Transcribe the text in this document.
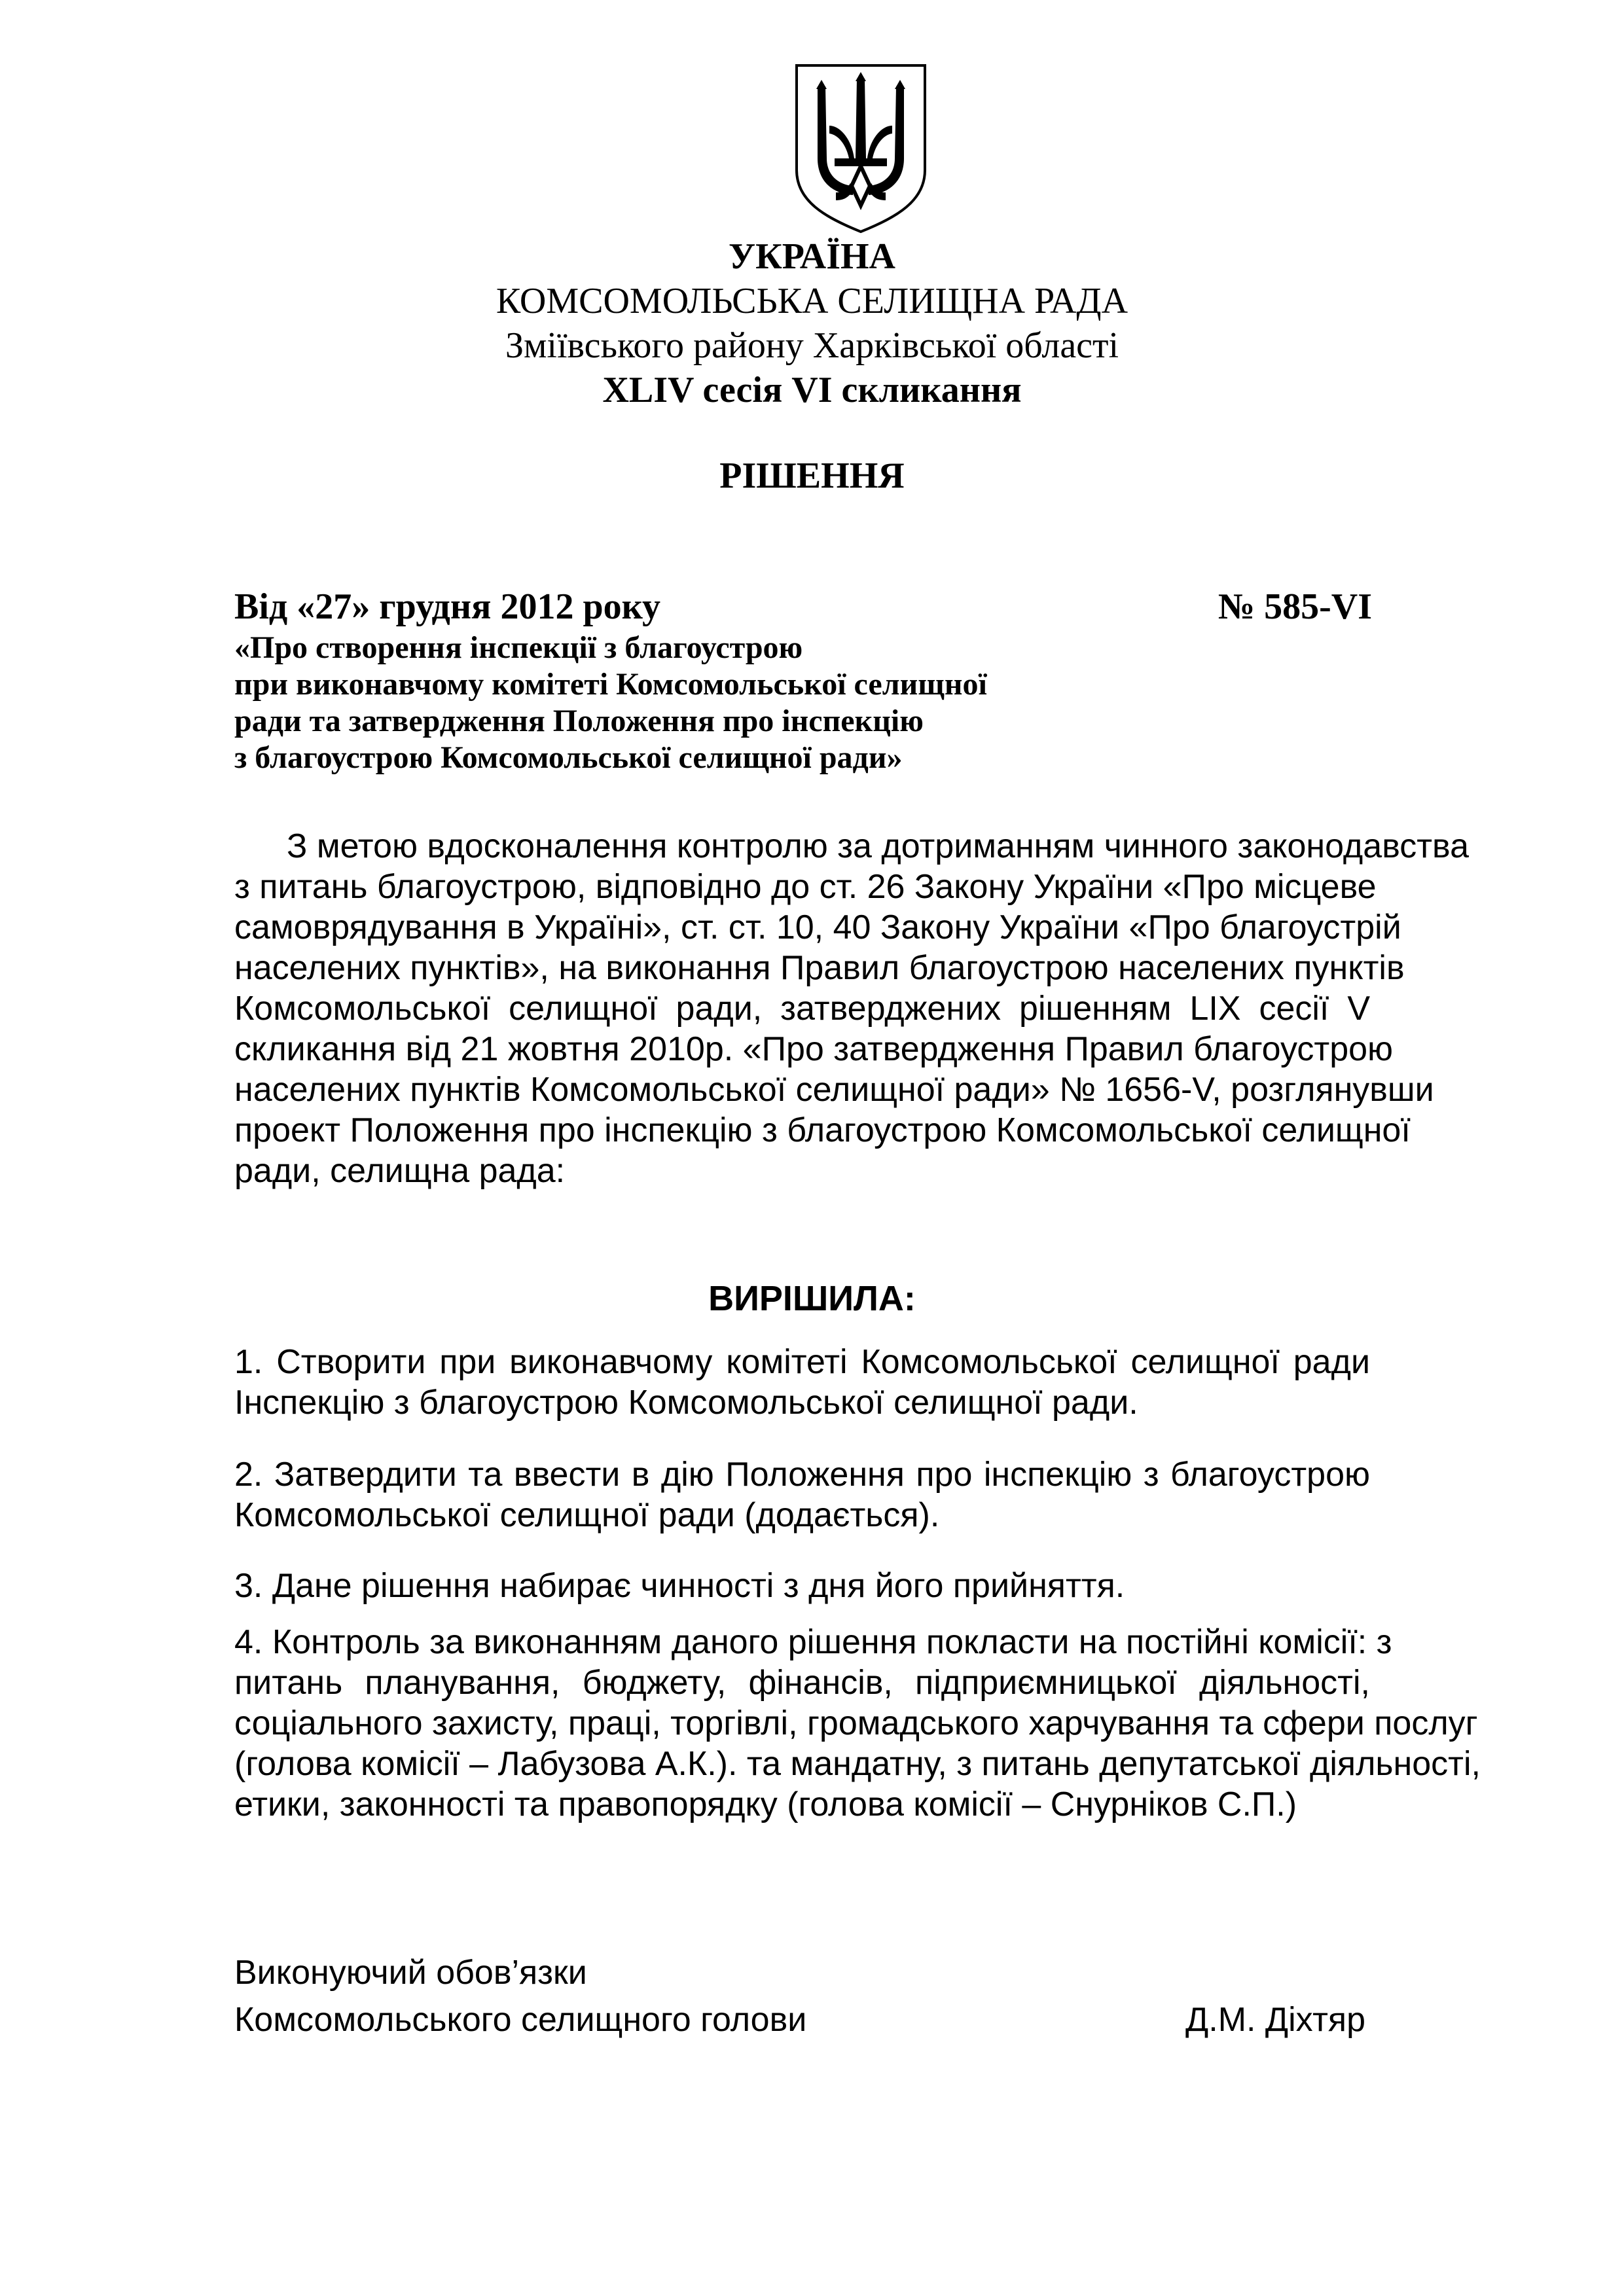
УКРАЇНА
КОМСОМОЛЬСЬКА СЕЛИЩНА РАДА
Зміївського району Харківської області
XLIV сесія VI скликання
РІШЕННЯ
Від «27» грудня 2012 року	№ 585-VI
«Про створення інспекції з благоустрою
при виконавчому комітеті Комсомольської селищної
ради та затвердження Положення про інспекцію
з благоустрою Комсомольської селищної ради»
З метою вдосконалення контролю за дотриманням чинного законодавства
з питань благоустрою, відповідно до ст. 26 Закону України «Про місцеве
самоврядування в Україні», ст. ст. 10, 40 Закону України «Про благоустрій
населених пунктів», на виконання Правил благоустрою населених пунктів
Комсомольської селищної ради, затверджених рішенням LIX сесії V
скликання від 21 жовтня 2010р. «Про затвердження Правил благоустрою
населених пунктів Комсомольської селищної ради» № 1656-V, розглянувши
проект Положення про інспекцію з благоустрою Комсомольської селищної
ради, селищна рада:
ВИРІШИЛА:
1. Створити при виконавчому комітеті Комсомольської селищної ради
Інспекцію з благоустрою Комсомольської селищної ради.
2. Затвердити та ввести в дію Положення про інспекцію з благоустрою
Комсомольської селищної ради (додається).
3. Дане рішення набирає чинності з дня його прийняття.
4. Контроль за виконанням даного рішення покласти на постійні комісії: з
питань планування, бюджету, фінансів, підприємницької діяльності,
соціального захисту, праці, торгівлі, громадського харчування та сфери послуг
(голова комісії – Лабузова А.К.). та мандатну, з питань депутатської діяльності,
етики, законності та правопорядку (голова комісії – Снурніков С.П.)
Виконуючий обов’язки
Комсомольського селищного голови	Д.М. Діхтяр
